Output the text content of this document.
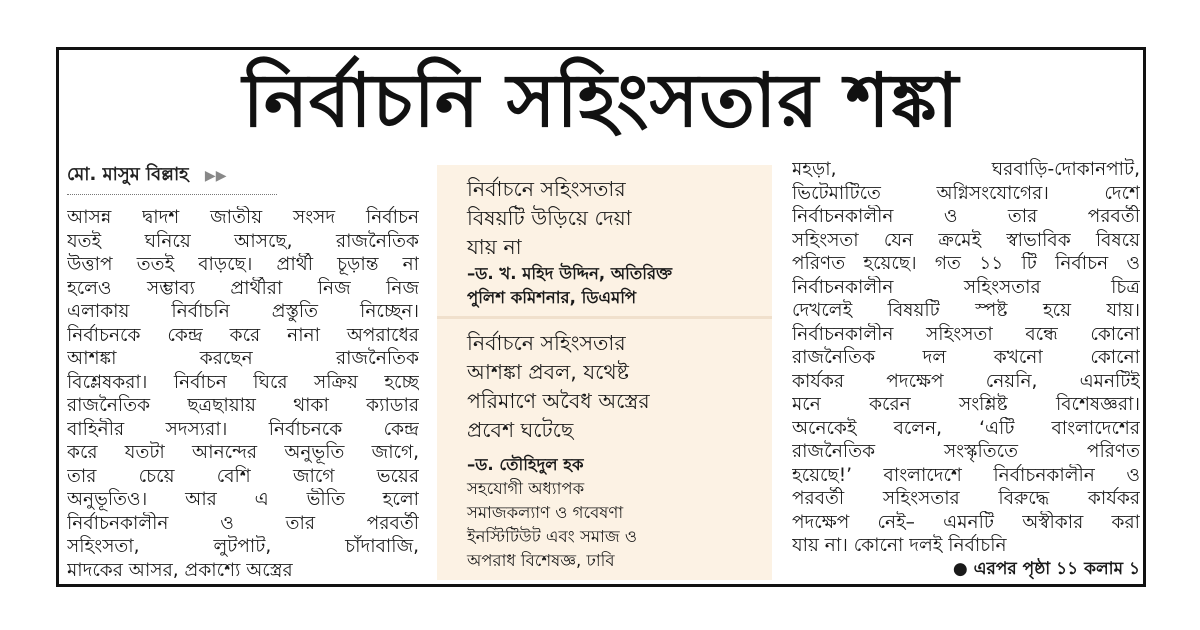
নির্বাচনি সহিংসতার শঙ্কা
মো. মাসুম বিল্লাহ ▶▶
আসন্ন দ্বাদশ জাতীয় সংসদ নির্বাচন
যতই ঘনিয়ে আসছে, রাজনৈতিক
উত্তাপ ততই বাড়ছে। প্রার্থী চূড়ান্ত না
হলেও সম্ভাব্য প্রার্থীরা নিজ নিজ
এলাকায় নির্বাচনি প্রস্তুতি নিচ্ছেন।
নির্বাচনকে কেন্দ্র করে নানা অপরাধের
আশঙ্কা করছেন রাজনৈতিক
বিশ্লেষকরা। নির্বাচন ঘিরে সক্রিয় হচ্ছে
রাজনৈতিক ছত্রছায়ায় থাকা ক্যাডার
বাহিনীর সদস্যরা। নির্বাচনকে কেন্দ্র
করে যতটা আনন্দের অনুভূতি জাগে,
তার চেয়ে বেশি জাগে ভয়ের
অনুভূতিও। আর এ ভীতি হলো
নির্বাচনকালীন ও তার পরবর্তী
সহিংসতা, লুটপাট, চাঁদাবাজি,
মাদকের আসর, প্রকাশ্যে অস্ত্রের
নির্বাচনে সহিংসতার
বিষয়টি উড়িয়ে দেয়া
যায় না
–ড. খ. মহিদ উদ্দিন, অতিরিক্ত
পুলিশ কমিশনার, ডিএমপি
নির্বাচনে সহিংসতার
আশঙ্কা প্রবল, যথেষ্ট
পরিমাণে অবৈধ অস্ত্রের
প্রবেশ ঘটেছে
–ড. তৌহিদুল হক
সহযোগী অধ্যাপক
সমাজকল্যাণ ও গবেষণা
ইনস্টিটিউট এবং সমাজ ও
অপরাধ বিশেষজ্ঞ, ঢাবি
মহড়া, ঘরবাড়ি-দোকানপাট,
ভিটেমাটিতে অগ্নিসংযোগের। দেশে
নির্বাচনকালীন ও তার পরবর্তী
সহিংসতা যেন ক্রমেই স্বাভাবিক বিষয়ে
পরিণত হয়েছে। গত ১১ টি নির্বাচন ও
নির্বাচনকালীন সহিংসতার চিত্র
দেখলেই বিষয়টি স্পষ্ট হয়ে যায়।
নির্বাচনকালীন সহিংসতা বন্ধে কোনো
রাজনৈতিক দল কখনো কোনো
কার্যকর পদক্ষেপ নেয়নি, এমনটিই
মনে করেন সংশ্লিষ্ট বিশেষজ্ঞরা।
অনেকেই বলেন, ‘এটি বাংলাদেশের
রাজনৈতিক সংস্কৃতিতে পরিণত
হয়েছে!’ বাংলাদেশে নির্বাচনকালীন ও
পরবর্তী সহিংসতার বিরুদ্ধে কার্যকর
পদক্ষেপ নেই– এমনটি অস্বীকার করা
যায় না। কোনো দলই নির্বাচনি
● এরপর পৃষ্ঠা ১১ কলাম ১
